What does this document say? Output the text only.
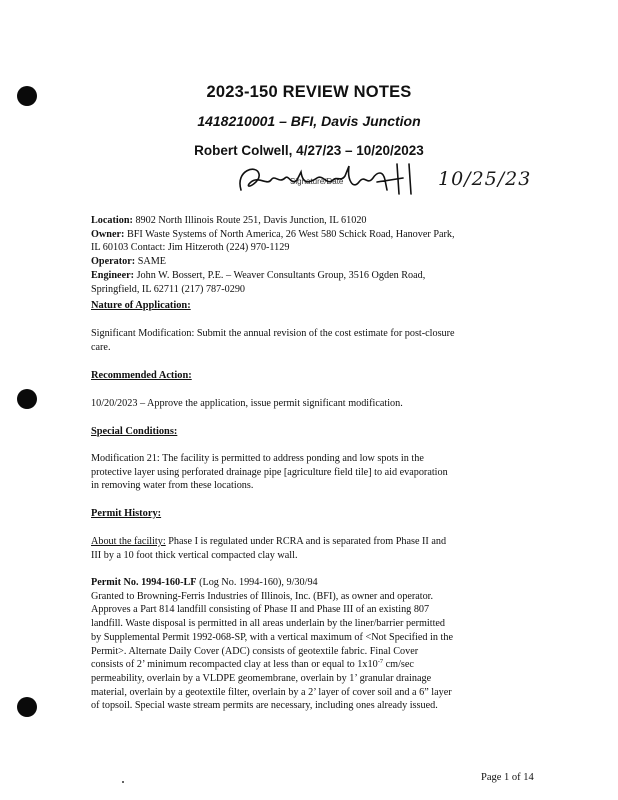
2023-150 REVIEW NOTES
1418210001 – BFI, Davis Junction
Robert Colwell, 4/27/23 – 10/20/2023
Signature/Date	10/25/23
Location: 8902 North Illinois Route 251, Davis Junction, IL 61020
Owner: BFI Waste Systems of North America, 26 West 580 Schick Road, Hanover Park,
IL 60103 Contact: Jim Hitzeroth (224) 970-1129
Operator: SAME
Engineer: John W. Bossert, P.E. – Weaver Consultants Group, 3516 Ogden Road,
Springfield, IL 62711 (217) 787-0290
Nature of Application:
Significant Modification: Submit the annual revision of the cost estimate for post-closure
care.
Recommended Action:
10/20/2023 – Approve the application, issue permit significant modification.
Special Conditions:
Modification 21: The facility is permitted to address ponding and low spots in the
protective layer using perforated drainage pipe [agriculture field tile] to aid evaporation
in removing water from these locations.
Permit History:
About the facility: Phase I is regulated under RCRA and is separated from Phase II and
III by a 10 foot thick vertical compacted clay wall.
Permit No. 1994-160-LF (Log No. 1994-160), 9/30/94
Granted to Browning-Ferris Industries of Illinois, Inc. (BFI), as owner and operator.
Approves a Part 814 landfill consisting of Phase II and Phase III of an existing 807
landfill. Waste disposal is permitted in all areas underlain by the liner/barrier permitted
by Supplemental Permit 1992-068-SP, with a vertical maximum of <Not Specified in the
Permit>. Alternate Daily Cover (ADC) consists of geotextile fabric. Final Cover
consists of 2’ minimum recompacted clay at less than or equal to $1x10^{-7}$ cm/sec
permeability, overlain by a VLDPE geomembrane, overlain by 1’ granular drainage
material, overlain by a geotextile filter, overlain by a 2’ layer of cover soil and a 6” layer
of topsoil. Special waste stream permits are necessary, including ones already issued.
Page 1 of 14
